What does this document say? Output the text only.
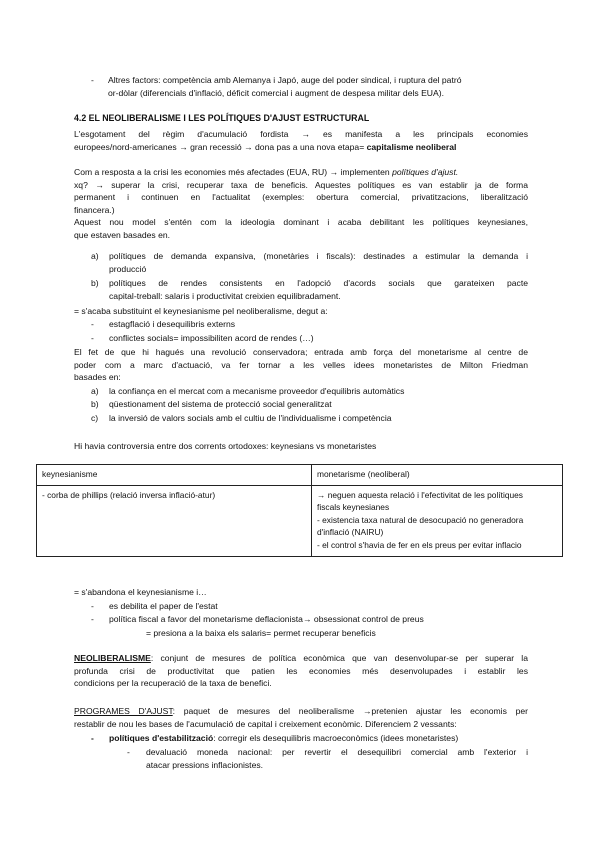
- Altres factors: competència amb Alemanya i Japó, auge del poder sindical, i ruptura del patró
or-dòlar (diferencials d'inflació, déficit comercial i augment de despesa militar dels EUA).
4.2 EL NEOLIBERALISME I LES POLÍTIQUES D'AJUST ESTRUCTURAL
L'esgotament del règim d'acumulació fordista → es manifesta a les principals economies
europees/nord-americanes → gran recessió → dona pas a una nova etapa= capitalisme neoliberal
Com a resposta a la crisi les economies més afectades (EUA, RU) → implementen polítiques d'ajust.
xq? → superar la crisi, recuperar taxa de beneficis. Aquestes polítiques es van establir ja de forma
permanent i continuen en l'actualitat (exemples: obertura comercial, privatitzacions, liberalització
financera.)
Aquest nou model s'entén com la ideologia dominant i acaba debilitant les polítiques keynesianes,
que estaven basades en.
a) polítiques de demanda expansiva, (monetàries i fiscals): destinades a estimular la demanda i
producció
b) polítiques de rendes consistents en l'adopció d'acords socials que garateixen pacte
capital-treball: salaris i productivitat creixien equilibradament.
= s'acaba substituint el keynesianisme pel neoliberalisme, degut a:
- estagflació i desequilibris externs
- conflictes socials= impossibiliten acord de rendes (…)
El fet de que hi hagués una revolució conservadora; entrada amb força del monetarisme al centre de
poder com a marc d'actuació, va fer tornar a les velles idees monetaristes de Milton Friedman
basades en:
a) la confiança en el mercat com a mecanisme proveedor d'equilibris automàtics
b) qüestionament del sistema de protecció social generalitzat
c) la inversió de valors socials amb el cultiu de l'individualisme i competència
Hi havia controversia entre dos corrents ortodoxes: keynesians vs monetaristes
keynesianisme	monetarisme (neoliberal)
- corba de phillips (relació inversa inflació-atur)	→ neguen aquesta relació i l'efectivitat de les polítiques
fiscals keynesianes
- existencia taxa natural de desocupació no generadora
d'inflació (NAIRU)
- el control s'havia de fer en els preus per evitar inflacio
= s'abandona el keynesianisme i…
- es debilita el paper de l'estat
- política fiscal a favor del monetarisme deflacionista→ obsessionat control de preus
= presiona a la baixa els salaris= permet recuperar beneficis
NEOLIBERALISME: conjunt de mesures de política econòmica que van desenvolupar-se per superar la
profunda crisi de productivitat que patien les economies més desenvolupades i establir les
condicions per la recuperació de la taxa de benefici.
PROGRAMES D'AJUST: paquet de mesures del neoliberalisme →pretenien ajustar les economis per
restablir de nou les bases de l'acumulació de capital i creixement econòmic. Diferenciem 2 vessants:
- polítiques d'estabilització: corregir els desequilibris macroeconòmics (idees monetaristes)
- devaluació moneda nacional: per revertir el desequilibri comercial amb l'exterior i
atacar pressions inflacionistes.
